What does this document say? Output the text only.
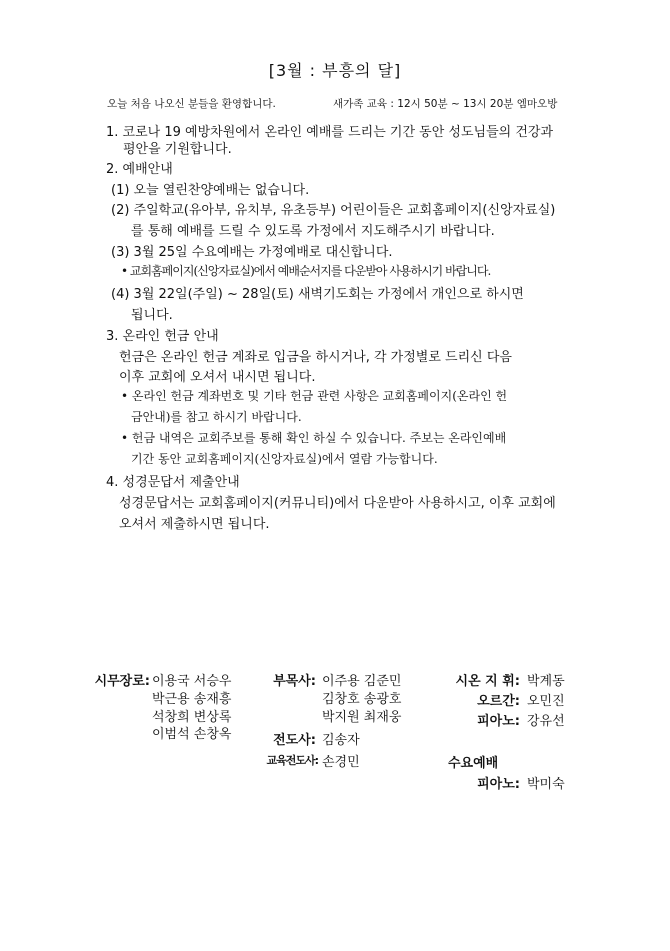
[3월 : 부흥의 달]
오늘 처음 나오신 분들을 환영합니다.	새가족 교육 : 12시 50분 ~ 13시 20분 엠마오방
1. 코로나 19 예방차원에서 온라인 예배를 드리는 기간 동안 성도님들의 건강과
평안을 기원합니다.
2. 예배안내
(1) 오늘 열린찬양예배는 없습니다.
(2) 주일학교(유아부, 유치부, 유초등부) 어린이들은 교회홈페이지(신앙자료실)
를 통해 예배를 드릴 수 있도록 가정에서 지도해주시기 바랍니다.
(3) 3월 25일 수요예배는 가정예배로 대신합니다.
• 교회홈페이지(신앙자료실)에서 예배순서지를 다운받아 사용하시기 바랍니다.
(4) 3월 22일(주일) ~ 28일(토) 새벽기도회는 가정에서 개인으로 하시면
됩니다.
3. 온라인 헌금 안내
헌금은 온라인 헌금 계좌로 입금을 하시거나, 각 가정별로 드리신 다음
이후 교회에 오셔서 내시면 됩니다.
• 온라인 헌금 계좌번호 및 기타 헌금 관련 사항은 교회홈페이지(온라인 헌
금안내)를 참고 하시기 바랍니다.
• 헌금 내역은 교회주보를 통해 확인 하실 수 있습니다. 주보는 온라인예배
기간 동안 교회홈페이지(신앙자료실)에서 열람 가능합니다.
4. 성경문답서 제출안내
성경문답서는 교회홈페이지(커뮤니티)에서 다운받아 사용하시고, 이후 교회에
오셔서 제출하시면 됩니다.
시무장로: 이용국 서승우
박근용 송재흥
석창희 변상록
이범석 손창옥
부목사: 이주용 김준민
김창호 송광호
박지원 최재웅
전도사: 김송자
교육전도사: 손경민
시온 지 휘: 박계동
오르간: 오민진
피아노: 강유선
수요예배
피아노: 박미숙
